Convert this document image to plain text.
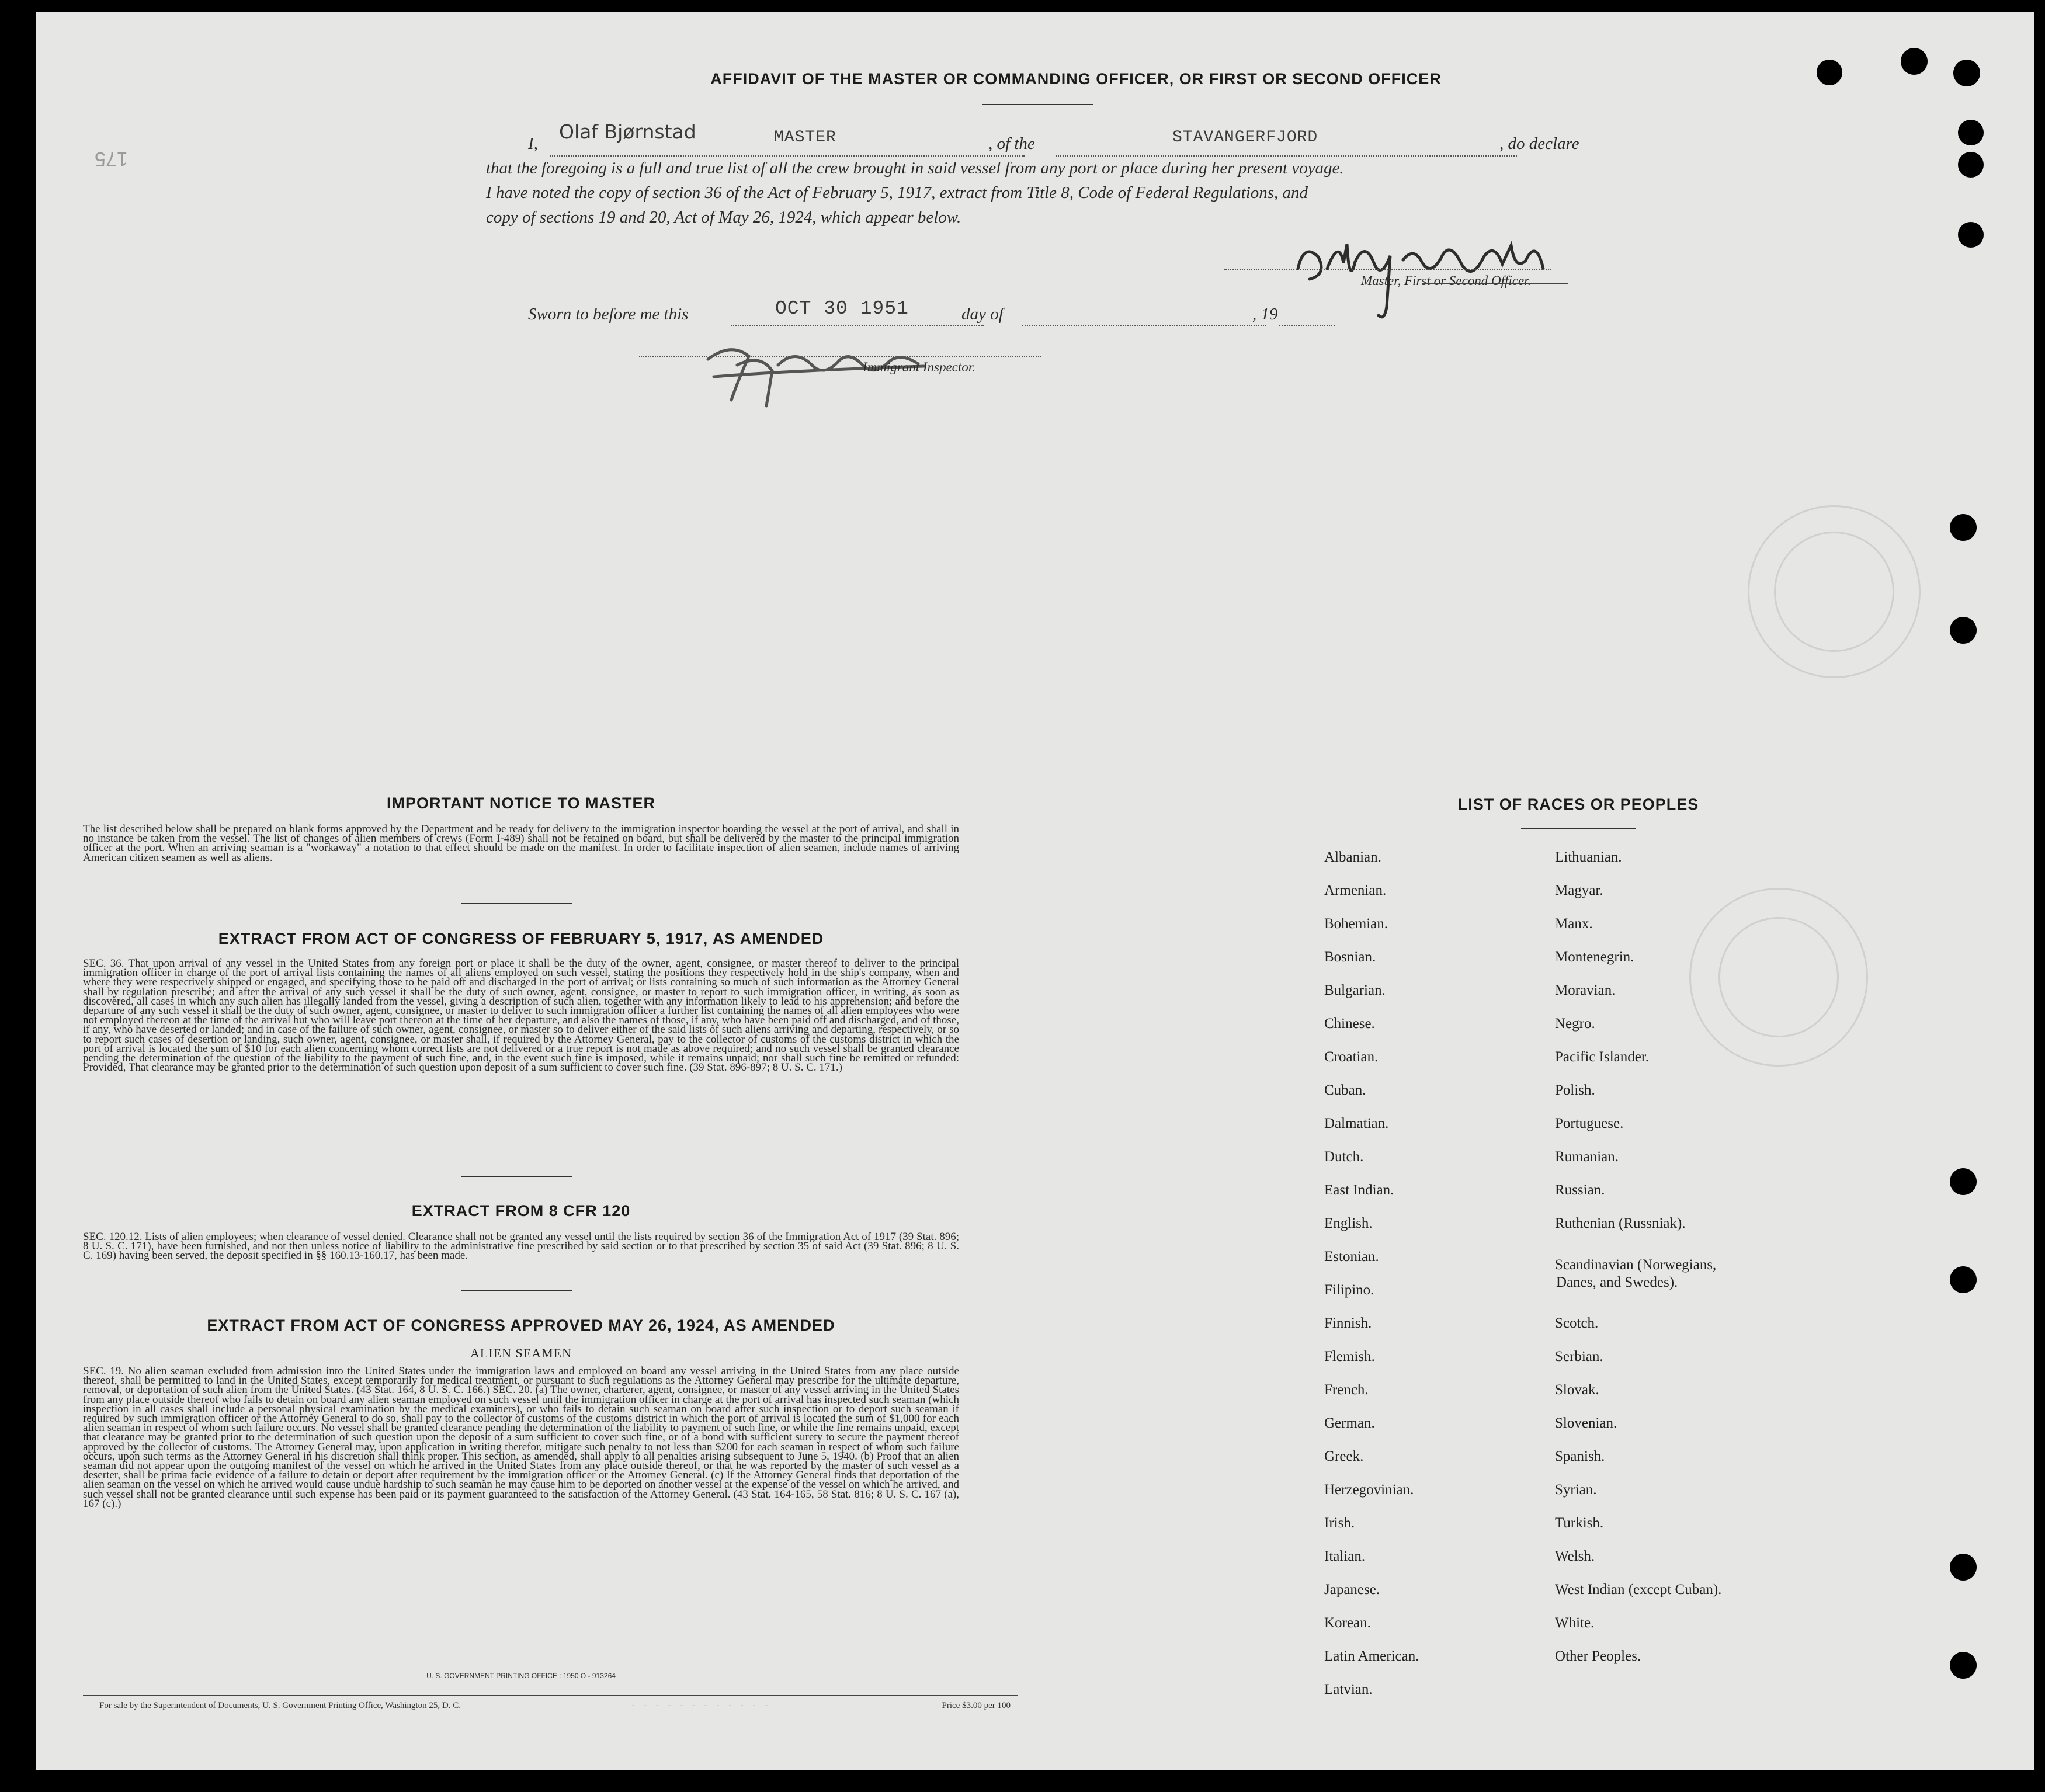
175
AFFIDAVIT OF THE MASTER OR COMMANDING OFFICER, OR FIRST OR SECOND OFFICER
I,
Olaf Bjørnstad	MASTER	, of the	STAVANGERFJORD	, do declare
that the foregoing is a full and true list of all the crew brought in said vessel from any port or place during her present voyage.
I have noted the copy of section 36 of the Act of February 5, 1917, extract from Title 8, Code of Federal Regulations, and
copy of sections 19 and 20, Act of May 26, 1924, which appear below.
Master, First or Second Officer.
Sworn to before me this	OCT 30 1951	day of	, 19
Immigrant Inspector.
IMPORTANT NOTICE TO MASTER
The list described below shall be prepared on blank forms approved by the Department and be ready for delivery to the immigration inspector boarding the vessel at the port of arrival, and shall in no instance be taken from the vessel. The list of changes of alien members of crews (Form I-489) shall not be retained on board, but shall be delivered by the master to the principal immigration officer at the port. When an arriving seaman is a "workaway" a notation to that effect should be made on the manifest. In order to facilitate inspection of alien seamen, include names of arriving American citizen seamen as well as aliens.
EXTRACT FROM ACT OF CONGRESS OF FEBRUARY 5, 1917, AS AMENDED
SEC. 36. That upon arrival of any vessel in the United States from any foreign port or place it shall be the duty of the owner, agent, consignee, or master thereof to deliver to the principal immigration officer in charge of the port of arrival lists containing the names of all aliens employed on such vessel, stating the positions they respectively hold in the ship's company, when and where they were respectively shipped or engaged, and specifying those to be paid off and discharged in the port of arrival; or lists containing so much of such information as the Attorney General shall by regulation prescribe; and after the arrival of any such vessel it shall be the duty of such owner, agent, consignee, or master to report to such immigration officer, in writing, as soon as discovered, all cases in which any such alien has illegally landed from the vessel, giving a description of such alien, together with any information likely to lead to his apprehension; and before the departure of any such vessel it shall be the duty of such owner, agent, consignee, or master to deliver to such immigration officer a further list containing the names of all alien employees who were not employed thereon at the time of the arrival but who will leave port thereon at the time of her departure, and also the names of those, if any, who have been paid off and discharged, and of those, if any, who have deserted or landed; and in case of the failure of such owner, agent, consignee, or master so to deliver either of the said lists of such aliens arriving and departing, respectively, or so to report such cases of desertion or landing, such owner, agent, consignee, or master shall, if required by the Attorney General, pay to the collector of customs of the customs district in which the port of arrival is located the sum of $10 for each alien concerning whom correct lists are not delivered or a true report is not made as above required; and no such vessel shall be granted clearance pending the determination of the question of the liability to the payment of such fine, and, in the event such fine is imposed, while it remains unpaid; nor shall such fine be remitted or refunded: Provided, That clearance may be granted prior to the determination of such question upon deposit of a sum sufficient to cover such fine. (39 Stat. 896-897; 8 U. S. C. 171.)
EXTRACT FROM 8 CFR 120
SEC. 120.12. Lists of alien employees; when clearance of vessel denied. Clearance shall not be granted any vessel until the lists required by section 36 of the Immigration Act of 1917 (39 Stat. 896; 8 U. S. C. 171), have been furnished, and not then unless notice of liability to the administrative fine prescribed by said section or to that prescribed by section 35 of said Act (39 Stat. 896; 8 U. S. C. 169) having been served, the deposit specified in §§ 160.13-160.17, has been made.
EXTRACT FROM ACT OF CONGRESS APPROVED MAY 26, 1924, AS AMENDED
ALIEN SEAMEN
SEC. 19. No alien seaman excluded from admission into the United States under the immigration laws and employed on board any vessel arriving in the United States from any place outside thereof, shall be permitted to land in the United States, except temporarily for medical treatment, or pursuant to such regulations as the Attorney General may prescribe for the ultimate departure, removal, or deportation of such alien from the United States. (43 Stat. 164, 8 U. S. C. 166.) SEC. 20. (a) The owner, charterer, agent, consignee, or master of any vessel arriving in the United States from any place outside thereof who fails to detain on board any alien seaman employed on such vessel until the immigration officer in charge at the port of arrival has inspected such seaman (which inspection in all cases shall include a personal physical examination by the medical examiners), or who fails to detain such seaman on board after such inspection or to deport such seaman if required by such immigration officer or the Attorney General to do so, shall pay to the collector of customs of the customs district in which the port of arrival is located the sum of $1,000 for each alien seaman in respect of whom such failure occurs. No vessel shall be granted clearance pending the determination of the liability to payment of such fine, or while the fine remains unpaid, except that clearance may be granted prior to the determination of such question upon the deposit of a sum sufficient to cover such fine, or of a bond with sufficient surety to secure the payment thereof approved by the collector of customs. The Attorney General may, upon application in writing therefor, mitigate such penalty to not less than $200 for each seaman in respect of whom such failure occurs, upon such terms as the Attorney General in his discretion shall think proper. This section, as amended, shall apply to all penalties arising subsequent to June 5, 1940. (b) Proof that an alien seaman did not appear upon the outgoing manifest of the vessel on which he arrived in the United States from any place outside thereof, or that he was reported by the master of such vessel as a deserter, shall be prima facie evidence of a failure to detain or deport after requirement by the immigration officer or the Attorney General. (c) If the Attorney General finds that deportation of the alien seaman on the vessel on which he arrived would cause undue hardship to such seaman he may cause him to be deported on another vessel at the expense of the vessel on which he arrived, and such vessel shall not be granted clearance until such expense has been paid or its payment guaranteed to the satisfaction of the Attorney General. (43 Stat. 164-165, 58 Stat. 816; 8 U. S. C. 167 (a), 167 (c).)
U. S. GOVERNMENT PRINTING OFFICE : 1950 O - 913264
For sale by the Superintendent of Documents, U. S. Government Printing Office, Washington 25, D. C.	- - - - - - - - - - - -	Price $3.00 per 100
LIST OF RACES OR PEOPLES
Albanian.
Armenian.
Bohemian.
Bosnian.
Bulgarian.
Chinese.
Croatian.
Cuban.
Dalmatian.
Dutch.
East Indian.
English.
Estonian.
Filipino.
Finnish.
Flemish.
French.
German.
Greek.
Herzegovinian.
Irish.
Italian.
Japanese.
Korean.
Latin American.
Latvian.
Lithuanian.
Magyar.
Manx.
Montenegrin.
Moravian.
Negro.
Pacific Islander.
Polish.
Portuguese.
Rumanian.
Russian.
Ruthenian (Russniak).
Scandinavian (Norwegians,
Danes, and Swedes).
Scotch.
Serbian.
Slovak.
Slovenian.
Spanish.
Syrian.
Turkish.
Welsh.
West Indian (except Cuban).
White.
Other Peoples.
